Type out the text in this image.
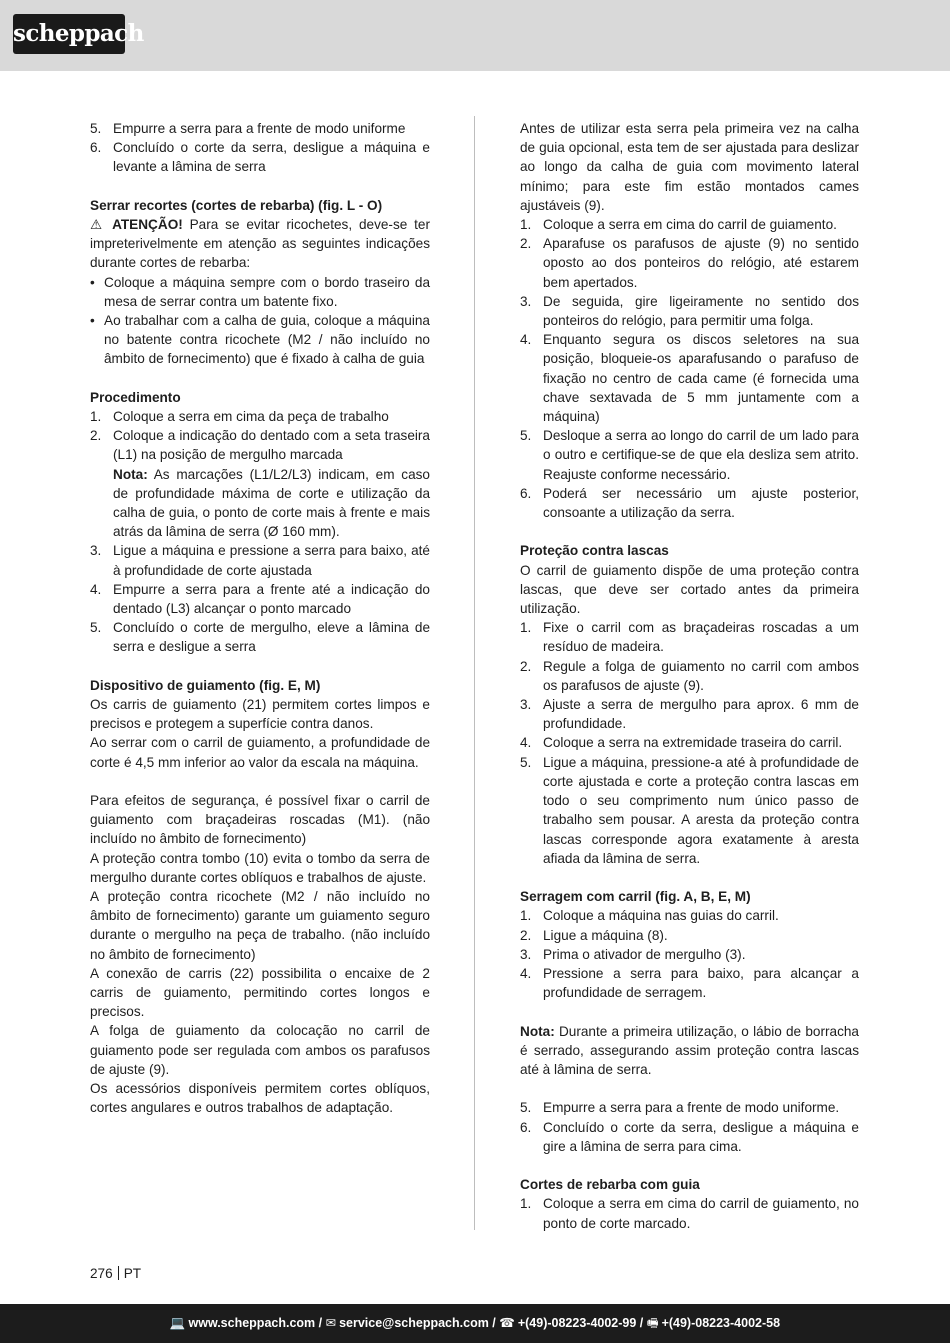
scheppach
5. Empurre a serra para a frente de modo uniforme
6. Concluído o corte da serra, desligue a máquina e levante a lâmina de serra
Serrar recortes (cortes de rebarba) (fig. L - O)
⚠ ATENÇÃO! Para se evitar ricochetes, deve-se ter impreterivelmente em atenção as seguintes indicações durante cortes de rebarba:
• Coloque a máquina sempre com o bordo traseiro da mesa de serrar contra um batente fixo.
• Ao trabalhar com a calha de guia, coloque a máquina no batente contra ricochete (M2 / não incluído no âmbito de fornecimento) que é fixado à calha de guia
Procedimento
1. Coloque a serra em cima da peça de trabalho
2. Coloque a indicação do dentado com a seta traseira (L1) na posição de mergulho marcada
Nota: As marcações (L1/L2/L3) indicam, em caso de profundidade máxima de corte e utilização da calha de guia, o ponto de corte mais à frente e mais atrás da lâmina de serra (Ø 160 mm).
3. Ligue a máquina e pressione a serra para baixo, até à profundidade de corte ajustada
4. Empurre a serra para a frente até a indicação do dentado (L3) alcançar o ponto marcado
5. Concluído o corte de mergulho, eleve a lâmina de serra e desligue a serra
Dispositivo de guiamento (fig. E, M)
Os carris de guiamento (21) permitem cortes limpos e precisos e protegem a superfície contra danos.
Ao serrar com o carril de guiamento, a profundidade de corte é 4,5 mm inferior ao valor da escala na máquina.
Para efeitos de segurança, é possível fixar o carril de guiamento com braçadeiras roscadas (M1). (não incluído no âmbito de fornecimento)
A proteção contra tombo (10) evita o tombo da serra de mergulho durante cortes oblíquos e trabalhos de ajuste.
A proteção contra ricochete (M2 / não incluído no âmbito de fornecimento) garante um guiamento seguro durante o mergulho na peça de trabalho. (não incluído no âmbito de fornecimento)
A conexão de carris (22) possibilita o encaixe de 2 carris de guiamento, permitindo cortes longos e precisos.
A folga de guiamento da colocação no carril de guiamento pode ser regulada com ambos os parafusos de ajuste (9).
Os acessórios disponíveis permitem cortes oblíquos, cortes angulares e outros trabalhos de adaptação.
Antes de utilizar esta serra pela primeira vez na calha de guia opcional, esta tem de ser ajustada para deslizar ao longo da calha de guia com movimento lateral mínimo; para este fim estão montados cames ajustáveis (9).
1. Coloque a serra em cima do carril de guiamento.
2. Aparafuse os parafusos de ajuste (9) no sentido oposto ao dos ponteiros do relógio, até estarem bem apertados.
3. De seguida, gire ligeiramente no sentido dos ponteiros do relógio, para permitir uma folga.
4. Enquanto segura os discos seletores na sua posição, bloqueie-os aparafusando o parafuso de fixação no centro de cada came (é fornecida uma chave sextavada de 5 mm juntamente com a máquina)
5. Desloque a serra ao longo do carril de um lado para o outro e certifique-se de que ela desliza sem atrito. Reajuste conforme necessário.
6. Poderá ser necessário um ajuste posterior, consoante a utilização da serra.
Proteção contra lascas
O carril de guiamento dispõe de uma proteção contra lascas, que deve ser cortado antes da primeira utilização.
1. Fixe o carril com as braçadeiras roscadas a um resíduo de madeira.
2. Regule a folga de guiamento no carril com ambos os parafusos de ajuste (9).
3. Ajuste a serra de mergulho para aprox. 6 mm de profundidade.
4. Coloque a serra na extremidade traseira do carril.
5. Ligue a máquina, pressione-a até à profundidade de corte ajustada e corte a proteção contra lascas em todo o seu comprimento num único passo de trabalho sem pousar. A aresta da proteção contra lascas corresponde agora exatamente à aresta afiada da lâmina de serra.
Serragem com carril (fig. A, B, E, M)
1. Coloque a máquina nas guias do carril.
2. Ligue a máquina (8).
3. Prima o ativador de mergulho (3).
4. Pressione a serra para baixo, para alcançar a profundidade de serragem.
Nota: Durante a primeira utilização, o lábio de borracha é serrado, assegurando assim proteção contra lascas até à lâmina de serra.
5. Empurre a serra para a frente de modo uniforme.
6. Concluído o corte da serra, desligue a máquina e gire a lâmina de serra para cima.
Cortes de rebarba com guia
1. Coloque a serra em cima do carril de guiamento, no ponto de corte marcado.
276 PT
💻 www.scheppach.com / ✉ service@scheppach.com / ☎ +(49)-08223-4002-99 / 🖷 +(49)-08223-4002-58
